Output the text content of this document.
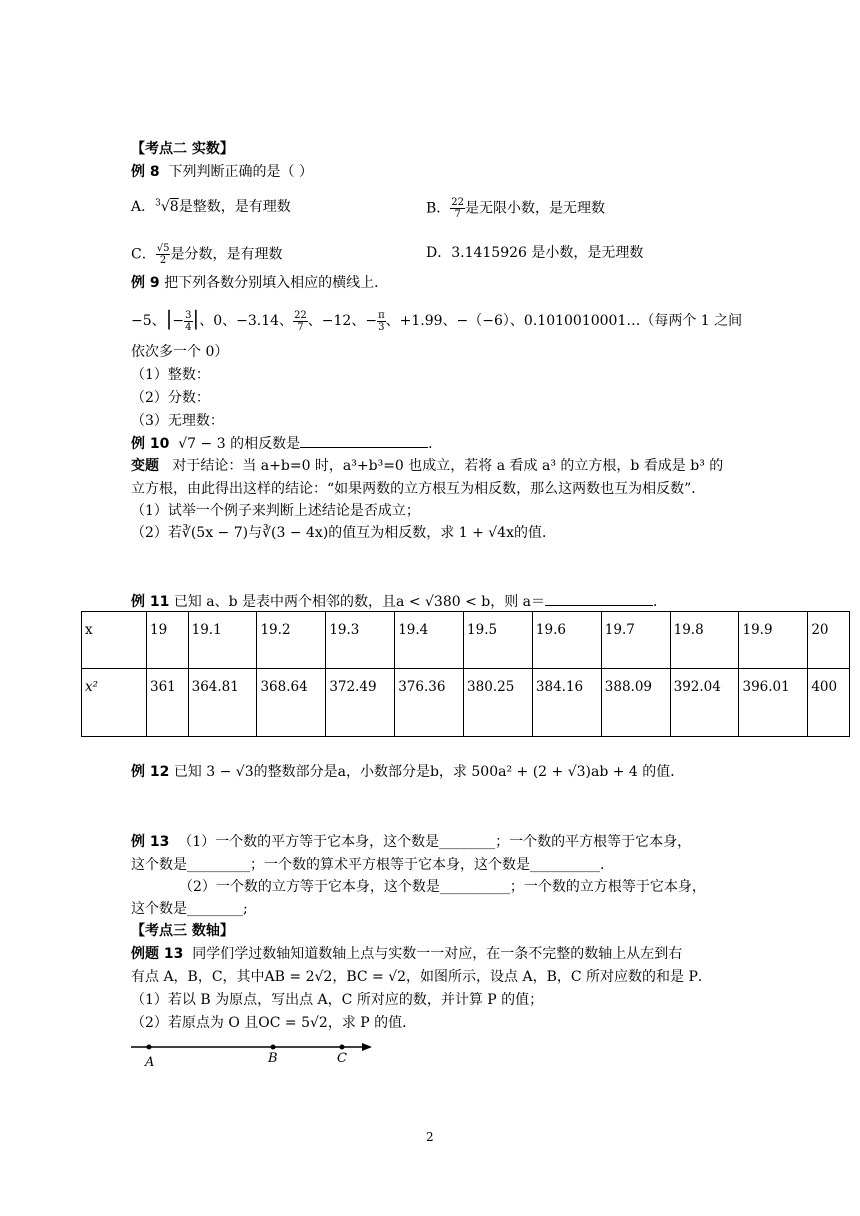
【考点二 实数】
例 8 下列判断正确的是（ ）
A．$^3$√8是整数，是有理数	B． $\frac{22}{7}$ 是无限小数，是无理数
C． $\frac{√5}{2}$ 是分数，是有理数	D．3.1415926 是小数，是无理数
例 9 把下列各数分别填入相应的横线上．
−5、|− $\frac{3}{4}$ |、0、−3.14、 $\frac{22}{7}$ 、−12、− $\frac{\pi}{3}$ 、+1.99、−（−6）、0.1010010001…（每两个 1 之间
依次多一个 0）
（1）整数：
（2）分数：
（3）无理数：
例 10 √7 − 3 的相反数是	．
变题 对于结论：当 a+b=0 时，a³+b³=0 也成立，若将 a 看成 a³ 的立方根，b 看成是 b³ 的
立方根，由此得出这样的结论：“如果两数的立方根互为相反数，那么这两数也互为相反数”．
（1）试举一个例子来判断上述结论是否成立；
（2）若∛(5x − 7)与∛(3 − 4x)的值互为相反数，求 1 + √4x的值．
例 11 已知 a、b 是表中两个相邻的数，且a < √380 < b，则 a＝	．
x	19	19.1	19.2	19.3	19.4	19.5	19.6	19.7	19.8	19.9	20
x²	361	364.81	368.64	372.49	376.36	380.25	384.16	388.09	392.04	396.01	400
例 12 已知 3 − √3的整数部分是a，小数部分是b，求 500a² + (2 + √3)ab + 4 的值．
例 13 （1）一个数的平方等于它本身，这个数是________；一个数的平方根等于它本身，
这个数是_________；一个数的算术平方根等于它本身，这个数是__________．
（2）一个数的立方等于它本身，这个数是__________；一个数的立方根等于它本身，
这个数是________;
【考点三 数轴】
例题 13 同学们学过数轴知道数轴上点与实数一一对应，在一条不完整的数轴上从左到右
有点 A，B，C，其中AB = 2√2，BC = √2，如图所示，设点 A，B，C 所对应数的和是 P．
（1）若以 B 为原点，写出点 A，C 所对应的数，并计算 P 的值；
（2）若原点为 O 且OC = 5√2，求 P 的值．
A	B	C
2
